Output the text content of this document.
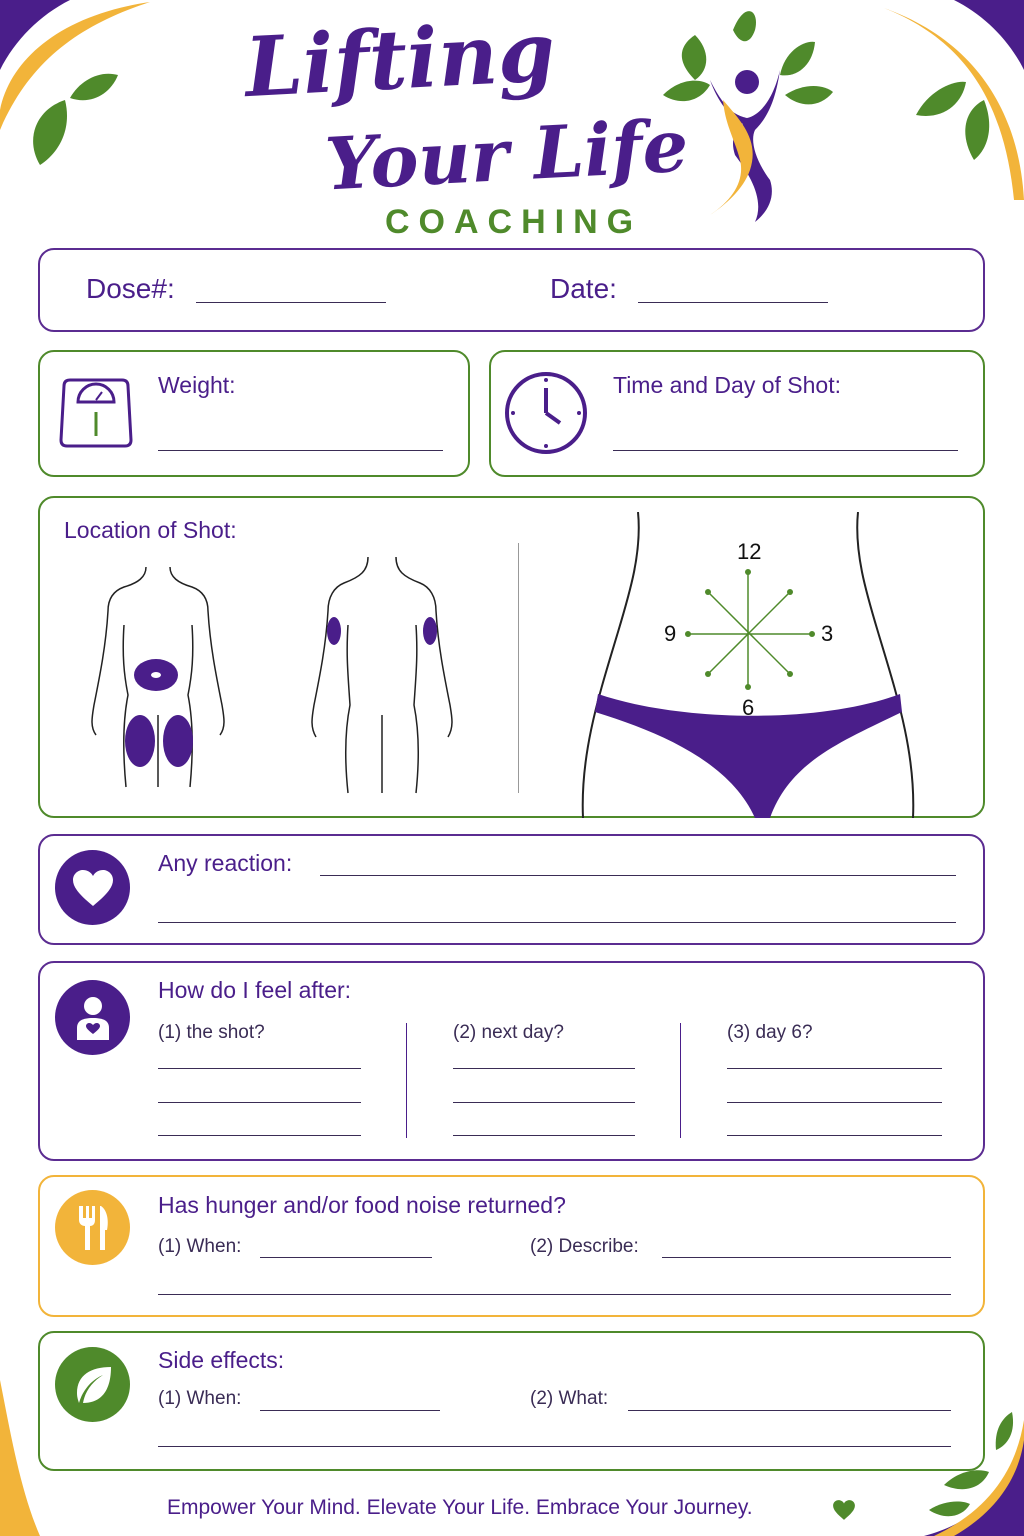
Lifting
Your Life
COACHING
Dose#:	Date:
Weight:	Time and Day of Shot:
Location of Shot:
12
3
6
9
Any reaction:
How do I feel after:
(1) the shot?	(2) next day?	(3) day 6?
Has hunger and/or food noise returned?
(1) When:	(2) Describe:
Side effects:
(1) When:	(2) What:
Empower Your Mind. Elevate Your Life. Embrace Your Journey.
